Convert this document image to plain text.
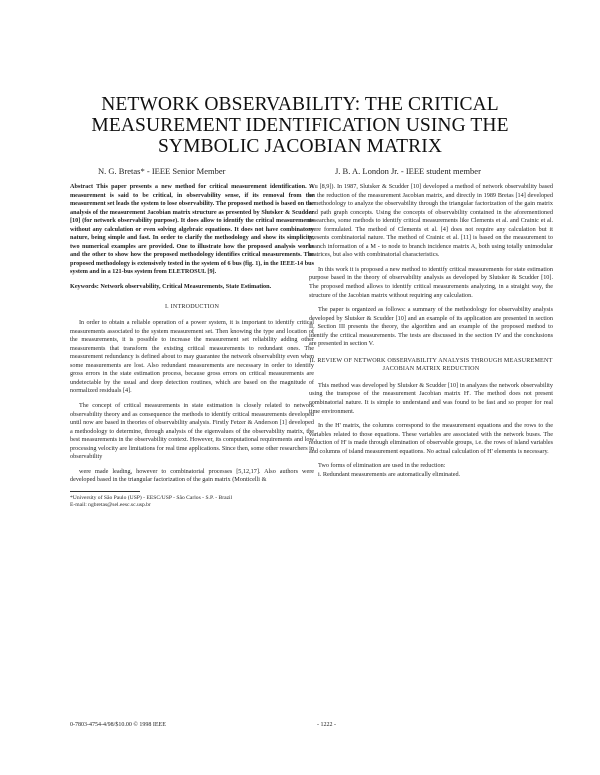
NETWORK OBSERVABILITY: THE CRITICAL MEASUREMENT IDENTIFICATION USING THE SYMBOLIC JACOBIAN MATRIX
N. G. Bretas* - IEEE Senior Member	J. B. A. London Jr. - IEEE student member

Abstract This paper presents a new method for critical measurement identification. A measurement is said to be critical, in observability sense, if its removal from the measurement set leads the system to lose observability. The proposed method is based on the analysis of the measurement Jacobian matrix structure as presented by Slutsker & Scudder [10] (for network observability purpose). It does allow to identify the critical measurements without any calculation or even solving algebraic equations. It does not have combinatory nature, being simple and fast. In order to clarify the methodology and show its simplicity, two numerical examples are provided. One to illustrate how the proposed analysis works and the other to show how the proposed methodology identifies critical measurements. The proposed methodology is extensively tested in the system of 6 bus (fig. 1), in the IEEE-14 bus system and in a 121-bus system from ELETROSUL [9].

Keywords: Network observability, Critical Measurements, State Estimation.

I. INTRODUCTION

In order to obtain a reliable operation of a power system, it is important to identify critical measurements associated to the system measurement set. Then knowing the type and location of the measurements, it is possible to increase the measurement set reliability adding other measurements that transform the existing critical measurements to redundant ones. The measurement redundancy is defined about to may guarantee the network observability even when some measurements are lost. Also redundant measurements are necessary in order to identify gross errors in the state estimation process, because gross errors on critical measurements are undetectable by the usual and deep detection routines, which are based on the magnitude of normalized residuals [4].

The concept of critical measurements in state estimation is closely related to network observability theory and as consequence the methods to identify critical measurements developed until now are based in theories of observability analysis. Firstly Fetzer & Anderson [1] developed a methodology to determine, through analysis of the eigenvalues of the observability matrix, the best measurements in the observability context. However, its computational requirements and low processing velocity are limitations for real time applications. Since then, some other researchers in observability

were made leading, however to combinatorial processes [5,12,17]. Also authors were developed based in the triangular factorization of the gain matrix (Monticelli &

*University of São Paulo (USP) - EESC/USP - São Carlos - S.P. - Brazil

E-mail: ngbretas@sel.eesc.sc.usp.br

Wu [8,9]). In 1987, Slutsker & Scudder [10] developed a method of network observability based on the reduction of the measurement Jacobian matrix, and directly in 1989 Bretas [14] developed a methodology to analyze the observability through the triangular factorization of the gain matrix and path graph concepts. Using the concepts of observability contained in the aforementioned researches, some methods to identify critical measurements like Clements et al. and Crainic et al. were formulated. The method of Clements et al. [4] does not require any calculation but it presents combinatorial nature. The method of Crainic et al. [11] is based on the measurement to branch information of a M - to node to branch incidence matrix A, both using totally unimodular matrices, but also with combinatorial characteristics.

In this work it is proposed a new method to identify critical measurements for state estimation purpose based in the theory of observability analysis as developed by Slutsker & Scudder [10]. The proposed method allows to identify critical measurements analyzing, in a straight way, the structure of the Jacobian matrix without requiring any calculation.

The paper is organized as follows: a summary of the methodology for observability analysis developed by Slutsker & Scudder [10] and an example of its application are presented in section II. Section III presents the theory, the algorithm and an example of the proposed method to identify the critical measurements. The tests are discussed in the section IV and the conclusions are presented in section V.

II. REVIEW OF NETWORK OBSERVABILITY ANALYSIS THROUGH MEASUREMENT JACOBIAN MATRIX REDUCTION

This method was developed by Slutsker & Scudder [10] in analyzes the network observability using the transpose of the measurement Jacobian matrix H'. The method does not present combinatorial nature. It is simple to understand and was found to be fast and so proper for real time environment.

In the H' matrix, the columns correspond to the measurement equations and the rows to the variables related to those equations. These variables are associated with the network buses. The reduction of H' is made through elimination of observable groups, i.e. the rows of island variables and columns of island measurement equations. No actual calculation of H' elements is necessary.

Two forms of elimination are used in the reduction:

i. Redundant measurements are automatically eliminated.

0-7803-4754-4/98/$10.00 © 1998 IEEE	- 1222 -
